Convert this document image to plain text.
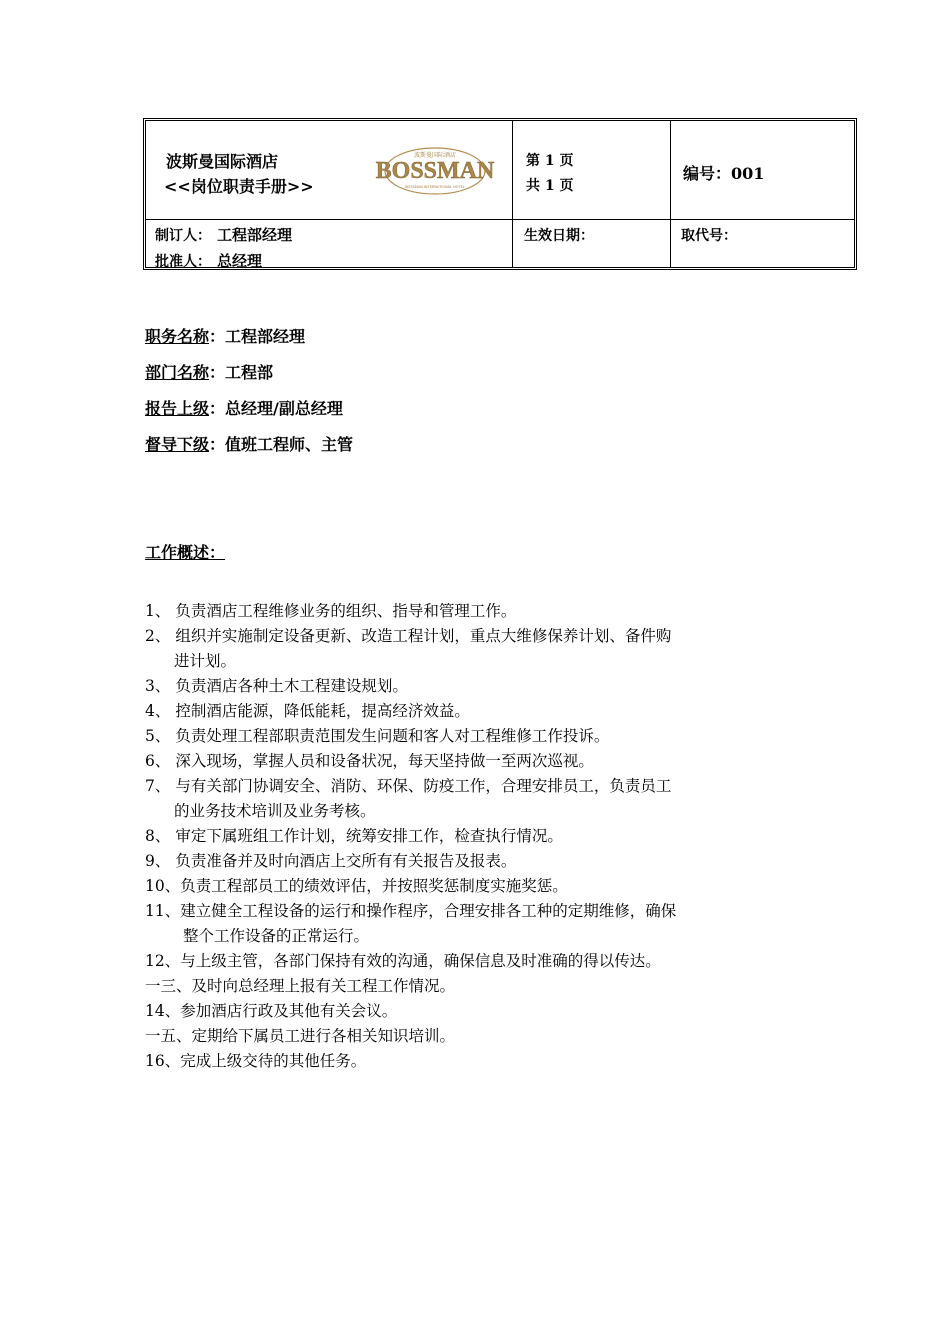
波斯曼国际酒店
<<岗位职责手册>>
波斯曼国际酒店
BOSSMAN
BOSSMAN INTERNATIONAL HOTEL
第 1 页
共 1 页
编号：001
制订人： 工程部经理
批准人： 总经理
生效日期：	取代号：
职务名称：工程部经理
部门名称：工程部
报告上级：总经理/副总经理
督导下级：值班工程师、主管
工作概述：
1、 负责酒店工程维修业务的组织、指导和管理工作。
2、 组织并实施制定设备更新、改造工程计划，重点大维修保养计划、备件购
进计划。
3、 负责酒店各种土木工程建设规划。
4、 控制酒店能源，降低能耗，提高经济效益。
5、 负责处理工程部职责范围发生问题和客人对工程维修工作投诉。
6、 深入现场，掌握人员和设备状况，每天坚持做一至两次巡视。
7、 与有关部门协调安全、消防、环保、防疫工作，合理安排员工，负责员工
的业务技术培训及业务考核。
8、 审定下属班组工作计划，统筹安排工作，检查执行情况。
9、 负责准备并及时向酒店上交所有有关报告及报表。
10、负责工程部员工的绩效评估，并按照奖惩制度实施奖惩。
11、建立健全工程设备的运行和操作程序，合理安排各工种的定期维修，确保
整个工作设备的正常运行。
12、与上级主管，各部门保持有效的沟通，确保信息及时准确的得以传达。
一三、及时向总经理上报有关工程工作情况。
14、参加酒店行政及其他有关会议。
一五、定期给下属员工进行各相关知识培训。
16、完成上级交待的其他任务。
